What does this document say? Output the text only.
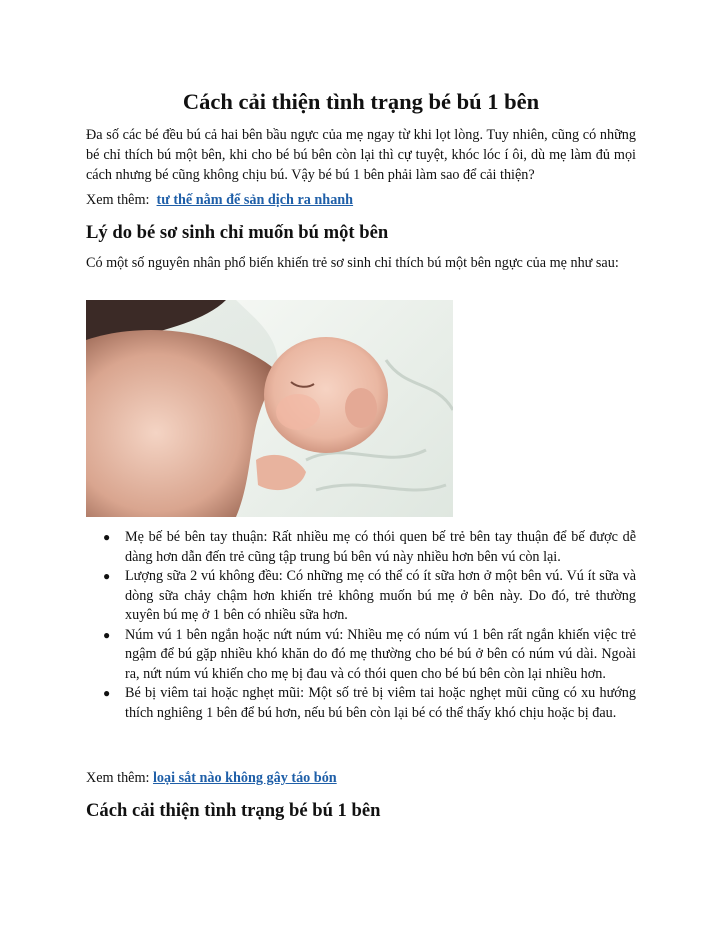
Cách cải thiện tình trạng bé bú 1 bên

Đa số các bé đều bú cả hai bên bầu ngực của mẹ ngay từ khi lọt lòng. Tuy nhiên, cũng có những bé chỉ thích bú một bên, khi cho bé bú bên còn lại thì cự tuyệt, khóc lóc í ôi, dù mẹ làm đủ mọi cách nhưng bé cũng không chịu bú. Vậy bé bú 1 bên phải làm sao để cải thiện?

Xem thêm: tư thế nằm để sản dịch ra nhanh

Lý do bé sơ sinh chỉ muốn bú một bên

Có một số nguyên nhân phổ biến khiến trẻ sơ sinh chỉ thích bú một bên ngực của mẹ như sau:

● Mẹ bế bé bên tay thuận: Rất nhiều mẹ có thói quen bế trẻ bên tay thuận để bế được dễ dàng hơn dẫn đến trẻ cũng tập trung bú bên vú này nhiều hơn bên vú còn lại.
● Lượng sữa 2 vú không đều: Có những mẹ có thể có ít sữa hơn ở một bên vú. Vú ít sữa và dòng sữa chảy chậm hơn khiến trẻ không muốn bú mẹ ở bên này. Do đó, trẻ thường xuyên bú mẹ ở 1 bên có nhiều sữa hơn.
● Núm vú 1 bên ngắn hoặc nứt núm vú: Nhiều mẹ có núm vú 1 bên rất ngắn khiến việc trẻ ngậm để bú gặp nhiều khó khăn do đó mẹ thường cho bé bú ở bên có núm vú dài. Ngoài ra, nứt núm vú khiến cho mẹ bị đau và có thói quen cho bé bú bên còn lại nhiều hơn.
● Bé bị viêm tai hoặc nghẹt mũi: Một số trẻ bị viêm tai hoặc nghẹt mũi cũng có xu hướng thích nghiêng 1 bên để bú hơn, nếu bú bên còn lại bé có thể thấy khó chịu hoặc bị đau.

Xem thêm: loại sắt nào không gây táo bón

Cách cải thiện tình trạng bé bú 1 bên
